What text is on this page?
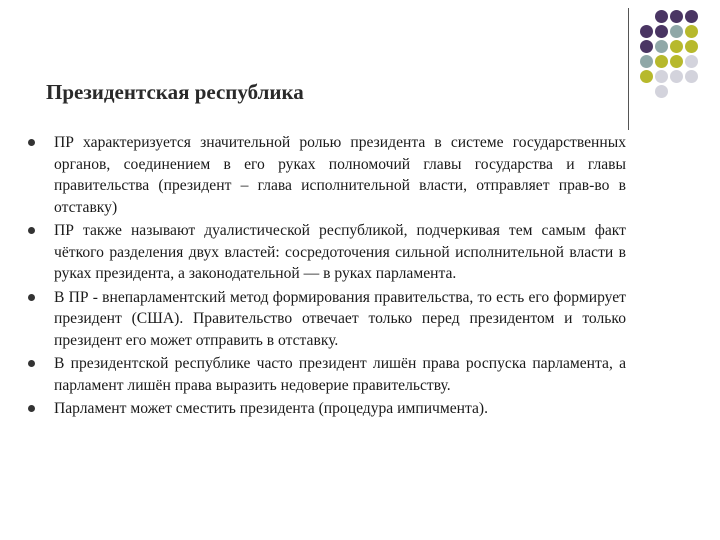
Президентская республика
ПР характеризуется значительной ролью президента в системе государственных органов, соединением в его руках полномочий главы государства и главы правительства (президент – глава исполнительной власти, отправляет прав-во в отставку)
ПР также называют дуалистической республикой, подчеркивая тем самым факт чёткого разделения двух властей: сосредоточения сильной исполнительной власти в руках президента, а законодательной — в руках парламента.
В ПР - внепарламентский метод формирования правительства, то есть его формирует президент (США). Правительство отвечает только перед президентом и только президент его может отправить в отставку.
В президентской республике часто президент лишён права роспуска парламента, а парламент лишён права выразить недоверие правительству.
Парламент может сместить президента (процедура импичмента).
